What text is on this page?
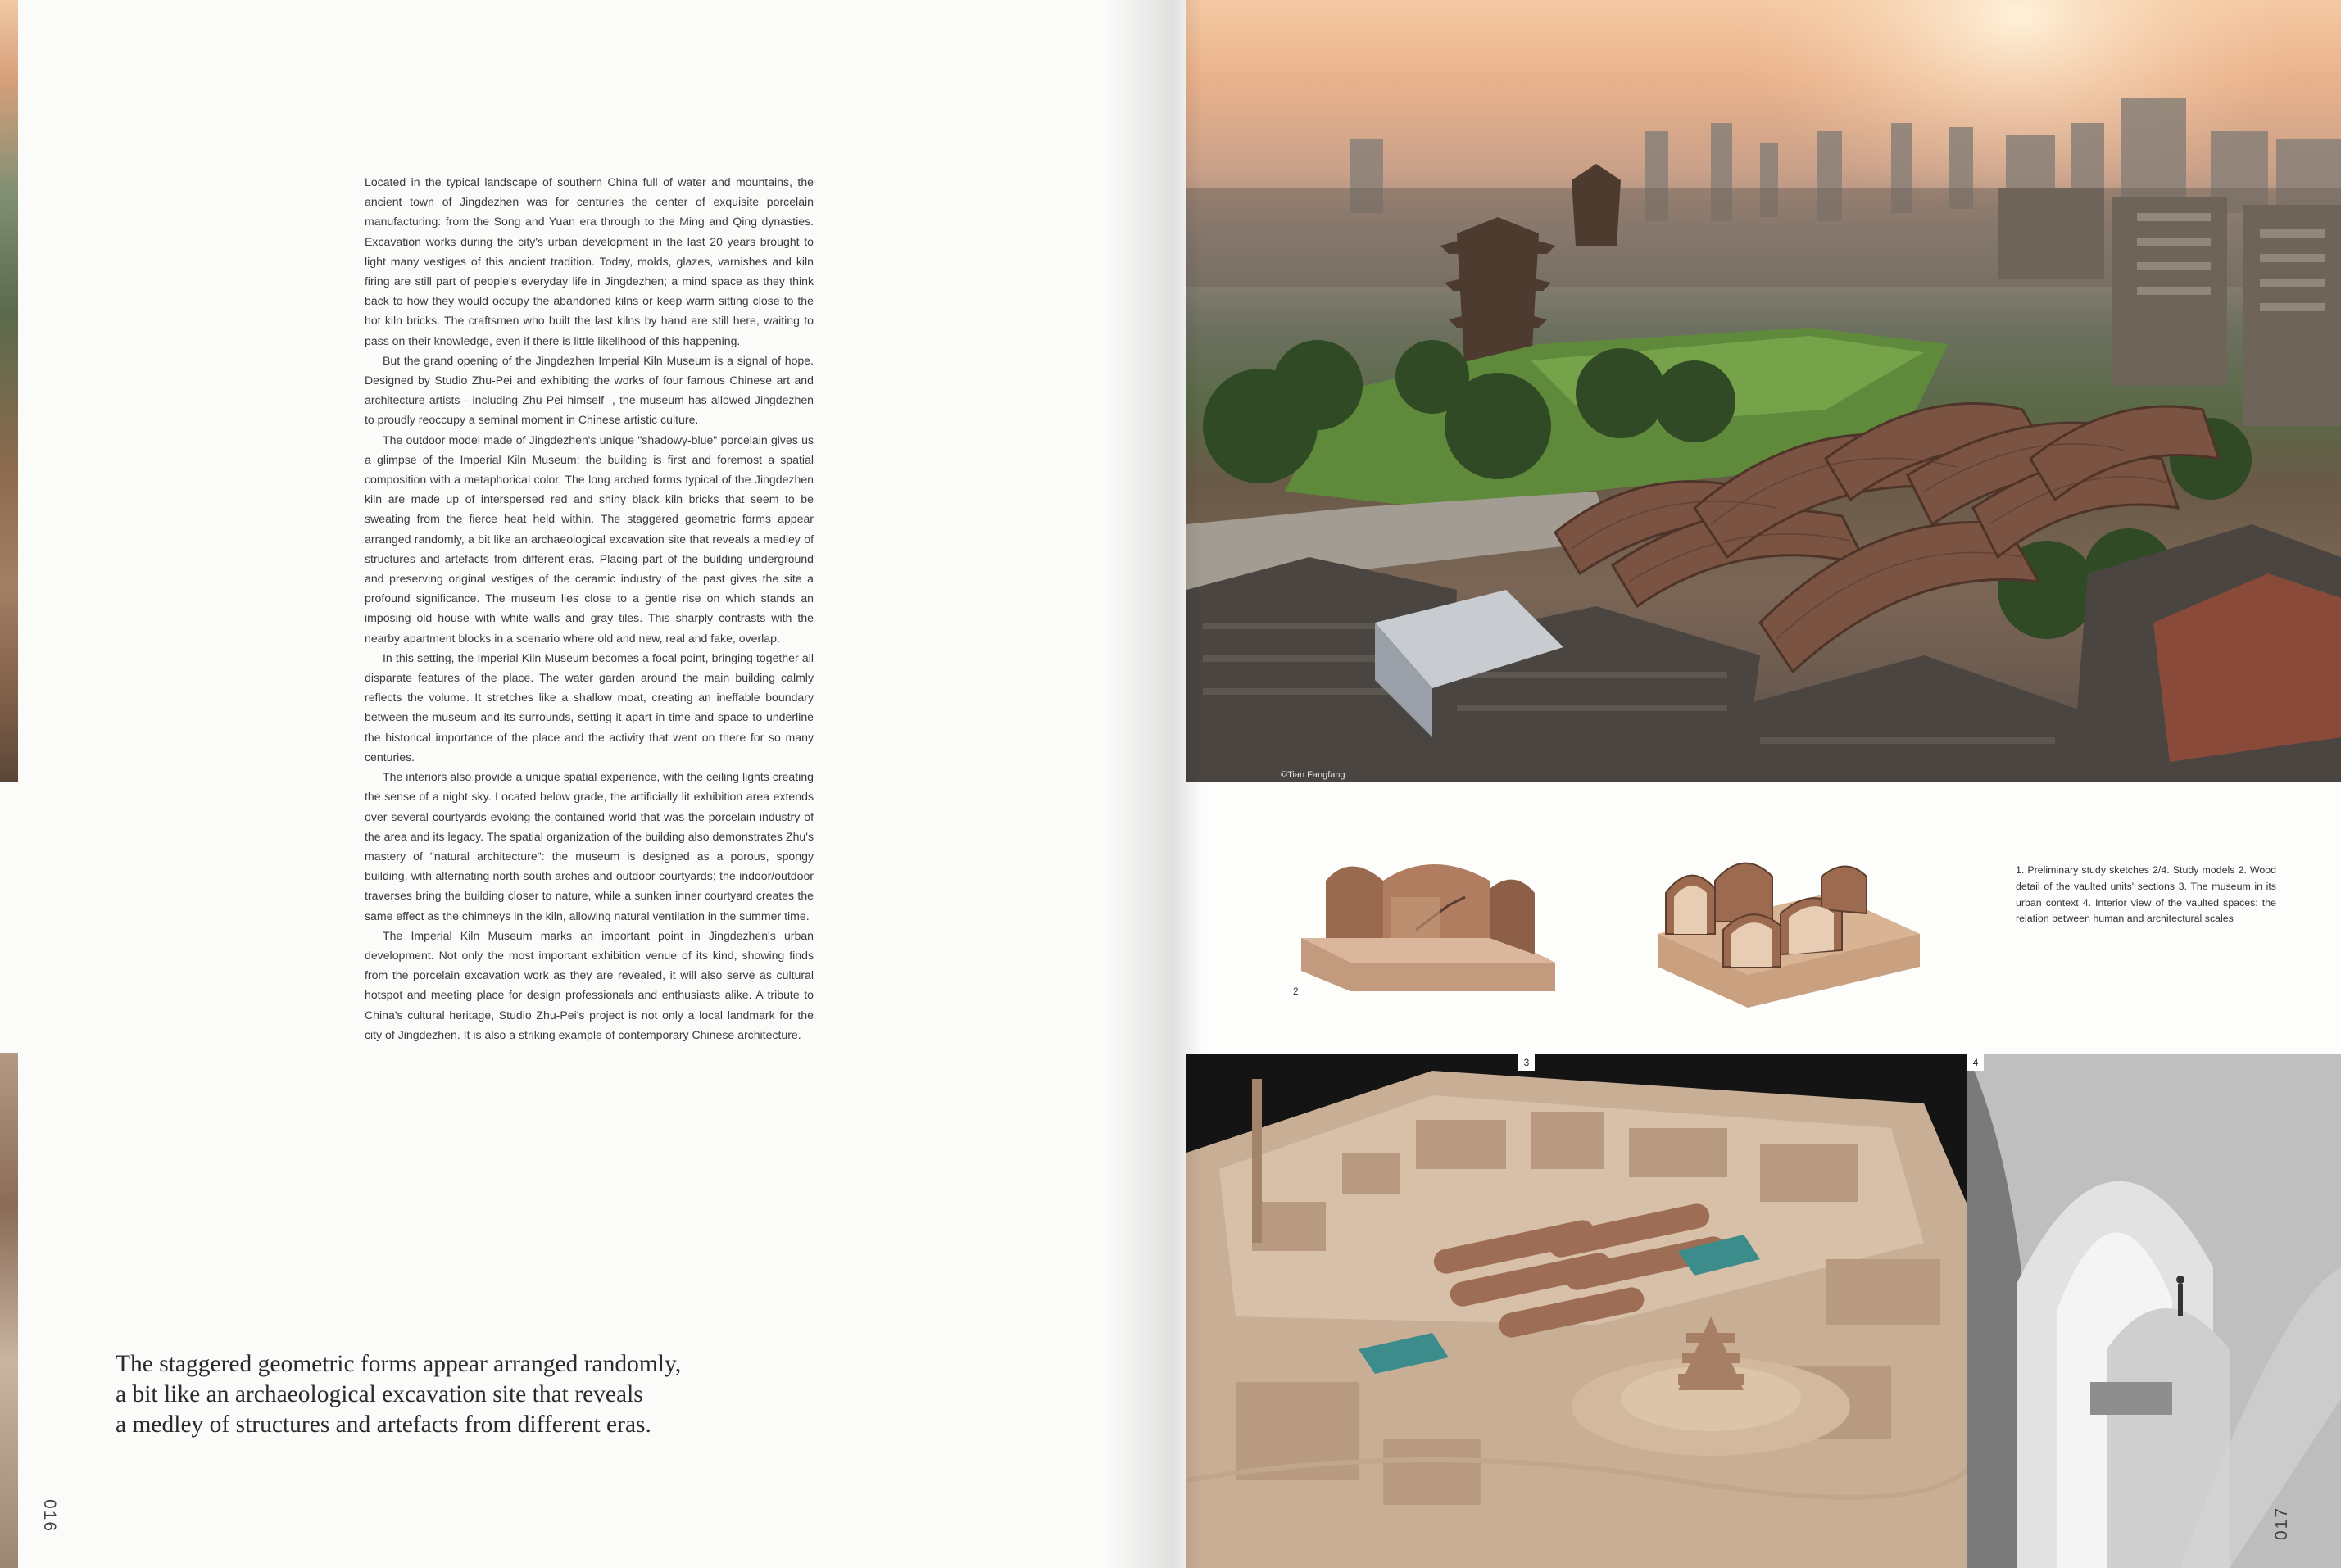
Located in the typical landscape of southern China full of water and mountains, the ancient town of Jingdezhen was for centuries the center of exquisite porcelain manufacturing: from the Song and Yuan era through to the Ming and Qing dynasties. Excavation works during the city's urban development in the last 20 years brought to light many vestiges of this ancient tradition. Today, molds, glazes, varnishes and kiln firing are still part of people's everyday life in Jingdezhen; a mind space as they think back to how they would occupy the abandoned kilns or keep warm sitting close to the hot kiln bricks. The craftsmen who built the last kilns by hand are still here, waiting to pass on their knowledge, even if there is little likelihood of this happening.

But the grand opening of the Jingdezhen Imperial Kiln Museum is a signal of hope. Designed by Studio Zhu-Pei and exhibiting the works of four famous Chinese art and architecture artists - including Zhu Pei himself -, the museum has allowed Jingdezhen to proudly reoccupy a seminal moment in Chinese artistic culture.

The outdoor model made of Jingdezhen's unique "shadowy-blue" porcelain gives us a glimpse of the Imperial Kiln Museum: the building is first and foremost a spatial composition with a metaphorical color. The long arched forms typical of the Jingdezhen kiln are made up of interspersed red and shiny black kiln bricks that seem to be sweating from the fierce heat held within. The staggered geometric forms appear arranged randomly, a bit like an archaeological excavation site that reveals a medley of structures and artefacts from different eras. Placing part of the building underground and preserving original vestiges of the ceramic industry of the past gives the site a profound significance. The museum lies close to a gentle rise on which stands an imposing old house with white walls and gray tiles. This sharply contrasts with the nearby apartment blocks in a scenario where old and new, real and fake, overlap.

In this setting, the Imperial Kiln Museum becomes a focal point, bringing together all disparate features of the place. The water garden around the main building calmly reflects the volume. It stretches like a shallow moat, creating an ineffable boundary between the museum and its surrounds, setting it apart in time and space to underline the historical importance of the place and the activity that went on there for so many centuries.

The interiors also provide a unique spatial experience, with the ceiling lights creating the sense of a night sky. Located below grade, the artificially lit exhibition area extends over several courtyards evoking the contained world that was the porcelain industry of the area and its legacy. The spatial organization of the building also demonstrates Zhu's mastery of "natural architecture": the museum is designed as a porous, spongy building, with alternating north-south arches and outdoor courtyards; the indoor/outdoor traverses bring the building closer to nature, while a sunken inner courtyard creates the same effect as the chimneys in the kiln, allowing natural ventilation in the summer time.

The Imperial Kiln Museum marks an important point in Jingdezhen's urban development. Not only the most important exhibition venue of its kind, showing finds from the porcelain excavation work as they are revealed, it will also serve as cultural hotspot and meeting place for design professionals and enthusiasts alike. A tribute to China's cultural heritage, Studio Zhu-Pei's project is not only a local landmark for the city of Jingdezhen. It is also a striking example of contemporary Chinese architecture.

The staggered geometric forms appear arranged randomly,
a bit like an archaeological excavation site that reveals
a medley of structures and artefacts from different eras.
016
©Tian Fangfang
2
1. Preliminary study sketches 2/4. Study models 2. Wood detail of the vaulted units' sections 3. The museum in its urban context 4. Interior view of the vaulted spaces: the relation between human and architectural scales
3	4
017
